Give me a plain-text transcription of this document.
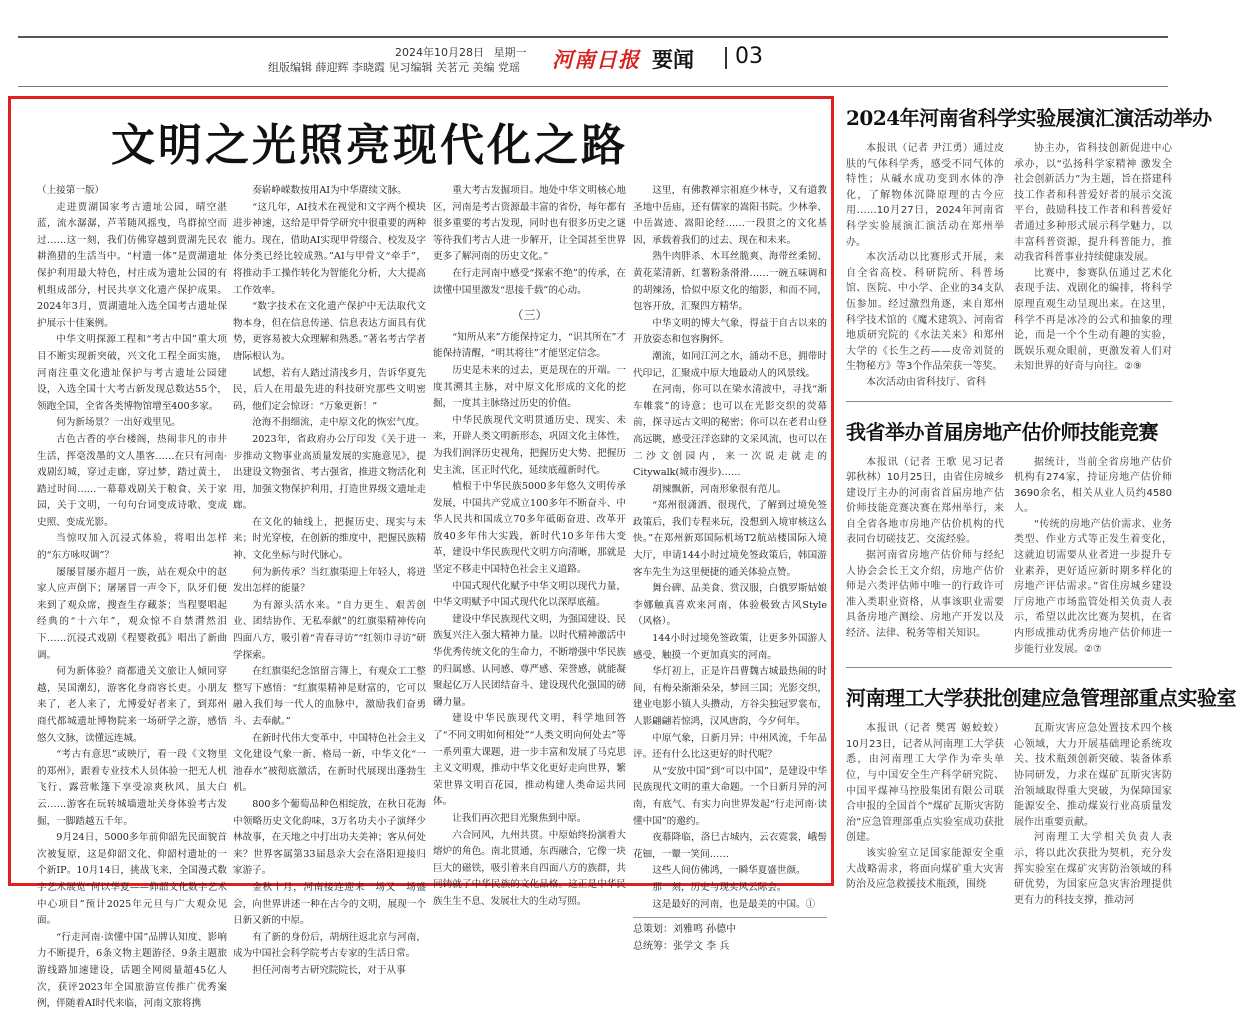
2024年10月28日 星期一
组版编辑 薛迎辉 李晓霞 见习编辑 关茗元 美编 党瑶 河南日报 要闻 03
文明之光照亮现代化之路

（上接第一版）

走进贾湖国家考古遗址公园，晴空湛蓝，流水潺潺，芦苇随风摇曳，鸟群掠空而过……这一刻，我们仿佛穿越到贾湖先民农耕渔猎的生活当中。“村遗一体”是贾湖遗址保护利用最大特色，村庄成为遗址公园的有机组成部分，村民共享文化遗产保护成果。2024年3月，贾湖遗址入选全国考古遗址保护展示十佳案例。

中华文明探源工程和“考古中国”重大项目不断实现新突破，兴文化工程全面实施，河南注重文化遗址保护与考古遗址公园建设，入选全国十大考古新发现总数达55个，领跑全国，全省各类博物馆增至400多家。

何为新场景？一出好戏里见。

古色古香的亭台楼阁，热闹非凡的市井生活，挥毫泼墨的文人墨客……在只有河南·戏剧幻城，穿过走廊，穿过梦，踏过黄土，踏过时间……一幕幕戏剧关于粮食、关于家园，关于文明，一句句台词变成诗歌、变成史照、变成光影。

当惊叹加入沉浸式体验，将唱出怎样的“东方咏叹调”？

屡屡冒屡亦超月一族，站在观众中的赵家人应声倒下；屠屠冒一声令下，队牙们便来到了观众席，搜查生存藏茶；当程婴唱起经典的“十六年”，观众惊不自禁潸然泪下……沉浸式戏剧《程婴救孤》唱出了新曲调。

何为新体验？商都遗关文旅让人倾同穿越，吴国潮幻，游客化身商容长吏。小朋友来了，老人来了，尤博爱好者来了，到郑州商代都城遗址博物院来一场研学之游，感悟悠久文脉，读懂远连城。

“考古有意思”或映厅，看一段《文物里的郑州》，跟着专业技术人员体验一把无人机飞行、露营帐篷下享受凉爽秋风、虽大白云……游客在玩转城墙遗址关身体验考古发掘，一脚踏越五千年。

9月24日，5000多年前仰韶先民面貌首次被复原，这是仰韶文化、仰韶村遗址的一个新IP。10月14日，挑战飞来，全国漫式数字艺术展览“何以华夏——仰韶文化数字艺术中心项目”预计2025年元旦与广大观众见面。

“行走河南·读懂中国”品牌认知度、影响力不断提升，6条文物主题游径、9条主题旅游线路加速建设，话题全网阅量超45亿人次，获评2023年全国旅游宣传推广优秀案例，伴随着AI时代来临，河南文旅将携

奏崭峥嵘数按用AI为中华赓续文脉。

“这几年，AI技术在视觉和文字两个模块进步神速，这给是甲骨学研究中很重要的两种能力。现在，借助AI实现甲骨缀合、校发及字体分类已经比较成熟。”AI与甲骨文“牵手”，将推动手工操作转化为智能化分析，大大提高工作效率。

“数字技术在文化遗产保护中无法取代文物本身，但在信息传递、信息表达方面具有优势，更容易被大众理解和熟悉。”著名考古学者唐际根认为。

试想，若有人踏过清浅乡月，告诉华夏先民，后人在用最先进的科技研究那些文明密码，他们定会惊讶：“万象更新！”

沧海不捐细流，走中原文化的恢宏气度。

2023年，省政府办公厅印发《关于进一步推动文物事业高质量发展的实施意见》，提出建设文物强省、考古强省，推进文物活化利用，加强文物保护利用，打造世界级文遗址走廊。

在文化的轴线上，把握历史、现实与未来；时光穿梭，在创新的维度中，把握民族精神、文化坐标与时代脉心。

何为新传承？当红旗渠迎上年轻人，将迸发出怎样的能量？

为有源头活水来。“自力更生、艰苦创业、团结协作、无私奉献”的红旗渠精神传向四面八方，吸引着“青春寻访”“红领巾寻访”研学探索。

在红旗渠纪念馆留言簿上，有观众工工整整写下感悟：“红旗渠精神是财富的，它可以融入我们每一代人的血脉中，激励我们奋勇斗、去奉献。”

在新时代伟大变革中，中国特色社会主义文化建设气象一新、格局一新，中华文化“一池春水”被彻底激活，在新时代展现出蓬勃生机。

800多个葡萄品种色相绽放，在秋日花海中领略历史文化韵味，3万名功夫小子演绎少林故事，在天地之中打出功夫美神；客从何处来？世界客属第33届恳亲大会在洛阳迎接归家游子。

金秋十月，河南接连迎来一场又一场盛会，向世界讲述一种在古今的文明，展现一个日新又新的中原。

有了新的身份后，胡炳往返北京与河南，成为中国社会科学院考古专家的生活日常。

担任河南考古研究院院长，对于从事

重大考古发掘项目。地处中华文明核心地区，河南是考古资源最丰富的省份，每年都有很多重要的考古发现，同时也有很多历史之谜等待我们考古人进一步解开，让全国甚至世界更多了解河南的历史文化。”

在行走河南中感受“探索不绝”的传承，在读懂中国里激发“思接千载”的心动。

（三）

“知所从来”方能保持定力，“识其所在”才能保持清醒，“明其将往”才能坚定信念。

历史是未来的过去，更是现在的开端。一度其溯其主脉，对中原文化形成的文化的挖掘，一度其主脉络过历史的价值。

中华民族现代文明贯通历史、现实、未来，开辟人类文明新形态，巩固文化主体性，为我们润泽历史视角，把握历史大势、把握历史主流，匡正时代化，延续底蕴新时代。

植根于中华民族5000多年悠久文明传承发展，中国共产党成立100多年不断奋斗、中华人民共和国成立70多年砥砺奋进、改革开放40多年伟大实践，新时代10多年伟大变革，建设中华民族现代文明方向清晰，那就是坚定不移走中国特色社会主义道路。

中国式现代化赋予中华文明以现代力量，中华文明赋予中国式现代化以深厚底蕴。

建设中华民族现代文明，为强国建设、民族复兴注入强大精神力量。以时代精神激活中华优秀传统文化的生命力，不断增强中华民族的归属感、认同感、尊严感、荣誉感，就能凝聚起亿万人民团结奋斗、建设现代化强国的磅礴力量。

建设中华民族现代文明，科学地回答了“不同文明如何相处”“人类文明向何处去”等一系列重大课题，进一步丰富和发展了马克思主义文明观，推动中华文化更好走向世界，繁荣世界文明百花园，推动构建人类命运共同体。

让我们再次把目光聚焦到中原。

六合同风，九州共贯。中原始终扮演着大熔炉的角色。南北贯通，东西融合，它像一块巨大的磁铁，吸引着来自四面八方的族群，共同铸就了中华民族的文化品格。这正是中华民族生生不息、发展壮大的生动写照。

这里，有佛教禅宗祖庭少林寺，又有道教圣地中岳庙，还有儒家的嵩阳书院。少林拳、中岳嵩迹、嵩阳论经……一段贯之的文化基因，承载着我们的过去、现在和未来。

熟牛肉胖杀、木耳丝脆爽、海带丝柔韧、黄花菜清新、红薯粉条滑滑……一碗五味调和的胡辣汤，恰似中原文化的缩影，和而不同，包容开放，汇聚四方精华。

中华文明的博大气象，得益于自古以来的开放姿态和包容胸怀。

潮流，如同江河之水，涌动不息，拥带时代印记，汇聚成中原大地最动人的风景线。

在河南，你可以在梁水清波中，寻找“渐车帷裳”的诗意；也可以在光影交织的荧幕前，探寻远古文明的秘密；你可以在老君山登高远眺，感受汪洋恣肆的文采风流，也可以在二沙文创园内，来一次说走就走的Citywalk(城市漫步)……

胡辣飘新，河南形象很有范儿。

“郑州很潇洒、很现代，了解到过境免签政策后，我们专程来玩，没想到入境审核这么快。”在郑州新郑国际机场T2航站楼国际入境大厅，申请144小时过境免签政策后，韩国游客车先生为这里便捷的通关体验点赞。

舞台碑、品美食、赏汉服，白俄罗斯姑娘李娜触真喜欢来河南，体验极致古风Style（风格）。

144小时过境免签政策，让更多外国游人感受、触摸一个更加真实的河南。

华灯初上，正是许昌曹魏古城最热闹的时间，有梅朵渐渐朵朵，梦回三国；光影交织，建业电影小镇人头攒动，方谷尖独冠罗裳布，人影翩翩若惊鸿，汉风唐韵，今夕何年。

中原气象，日新月异；中州风流，千年品评。还有什么比这更好的时代呢？

从“安放中国”到“可以中国”，是建设中华民族现代文明的重大命题。一个日新月异的河南，有底气、有实力向世界发起“行走河南·读懂中国”的邀约。

夜幕降临，洛巳古城内，云衣霓裳，峨髻花钿，一颦一笑间……

这些人间仿佛鸿，一瞬华夏盛世颜。

那一刻，历史与现实风云际会。

这是最好的河南，也是最美的中国。①

总策划：刘雅鸣 孙德中

总统筹：张学文 李 兵

2024年河南省科学实验展演汇演活动举办

本报讯（记者 尹江勇）通过皮肤的气体科学秀，感受不同气体的特性；从碱水成功变到水体的净化，了解物体沉降原理的古今应用……10月27日，2024年河南省科学实验展演汇演活动在郑州举办。

本次活动以比赛形式开展，来自全省高校、科研院所、科普场馆、医院、中小学、企业的34支队伍参加。经过激烈角逐，来自郑州科学技术馆的《魔术建筑》、河南省地质研究院的《水法关来》和郑州大学的《长生之药——皮帝刘贤的生物秘方》等3个作品荣获一等奖。

本次活动由省科技厅、省科

协主办，省科技创新促进中心承办，以“弘扬科学家精神 激发全社会创新活力”为主题，旨在搭建科技工作者和科普爱好者的展示交流平台，鼓励科技工作者和科普爱好者通过多种形式展示科学魅力，以丰富科普资源，提升科普能力，推动我省科普事业持续健康发展。

比赛中，参赛队伍通过艺术化表现手法、戏剧化的编排，将科学原理直观生动呈现出来。在这里，科学不再是冰冷的公式和抽象的理论，而是一个个生动有趣的实验，既娱乐观众眼前，更激发着人们对未知世界的好奇与向往。②⑨

我省举办首届房地产估价师技能竞赛

本报讯（记者 王歌 见习记者 郭秋林）10月25日，由省住房城乡建设厅主办的河南省首届房地产估价师技能竞赛决赛在郑州举行，来自全省各地市房地产估价机构的代表同台切磋技艺、交流经验。

据河南省房地产估价师与经纪人协会会长王文介绍，房地产估价师是六类评估师中唯一的行政许可准入类职业资格，从事该职业需要具备房地产测绘、房地产开发以及经济、法律、税务等相关知识。

据统计，当前全省房地产估价机构有274家，持证房地产估价师3690余名，相关从业人员约4580人。

“传统的房地产估价需求、业务类型、作业方式等正发生着变化，这就迫切需要从业者进一步提升专业素养，更好适应新时期多样化的房地产评估需求。”省住房城乡建设厅房地产市场监管处相关负责人表示，希望以此次比赛为契机，在省内形成推动优秀房地产估价师进一步能行业发展。②⑦

河南理工大学获批创建应急管理部重点实验室

本报讯（记者 樊霄 姬蛟蛟）10月23日，记者从河南理工大学获悉，由河南理工大学作为牵头单位，与中国安全生产科学研究院、中国平煤神马控股集团有限公司联合申报的全国首个“煤矿瓦斯灾害防治”应急管理部重点实验室成功获批创建。

该实验室立足国家能源安全重大战略需求，将面向煤矿重大灾害防治及应急救援技术瓶颈，围绕

瓦斯灾害应急处置技术四个核心领域，大力开展基础理论系统攻关、技术瓶颈创新突破、装备体系协同研发，力求在煤矿瓦斯灾害防治领域取得重大突破，为保障国家能源安全、推动煤炭行业高质量发展作出重要贡献。

河南理工大学相关负责人表示，将以此次获批为契机，充分发挥实验室在煤矿灾害防治领域的科研优势，为国家应急灾害治理提供更有力的科技支撑，推动河
